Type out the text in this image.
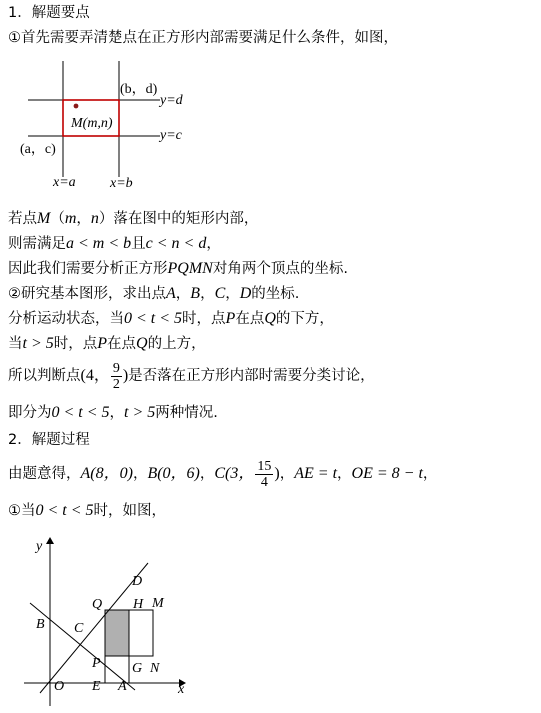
1．解题要点
①首先需要弄清楚点在正方形内部需要满足什么条件，如图，
(b，d)
y=d
M(m,n)
y=c
(a，c)
x=a x=b
若点M（m，n）落在图中的矩形内部，
则需满足a < m < b且c < n < d，
因此我们需要分析正方形PQMN对角两个顶点的坐标.
②研究基本图形，求出点A，B，C，D的坐标.
分析运动状态，当0 < t < 5时，点P在点Q的下方，
当t > 5时，点P在点Q的上方，
所以判断点(4， $\frac{9}{2}$ )是否落在正方形内部时需要分类讨论，
即分为0 < t < 5，t > 5两种情况.
2．解题过程
由题意得，A(8，0)，B(0，6)，C(3， $\frac{15}{4}$ )，AE = t，OE = 8 − t，
①当0 < t < 5时，如图，
y
D
Q H M
B C
P G N
O E A	x
